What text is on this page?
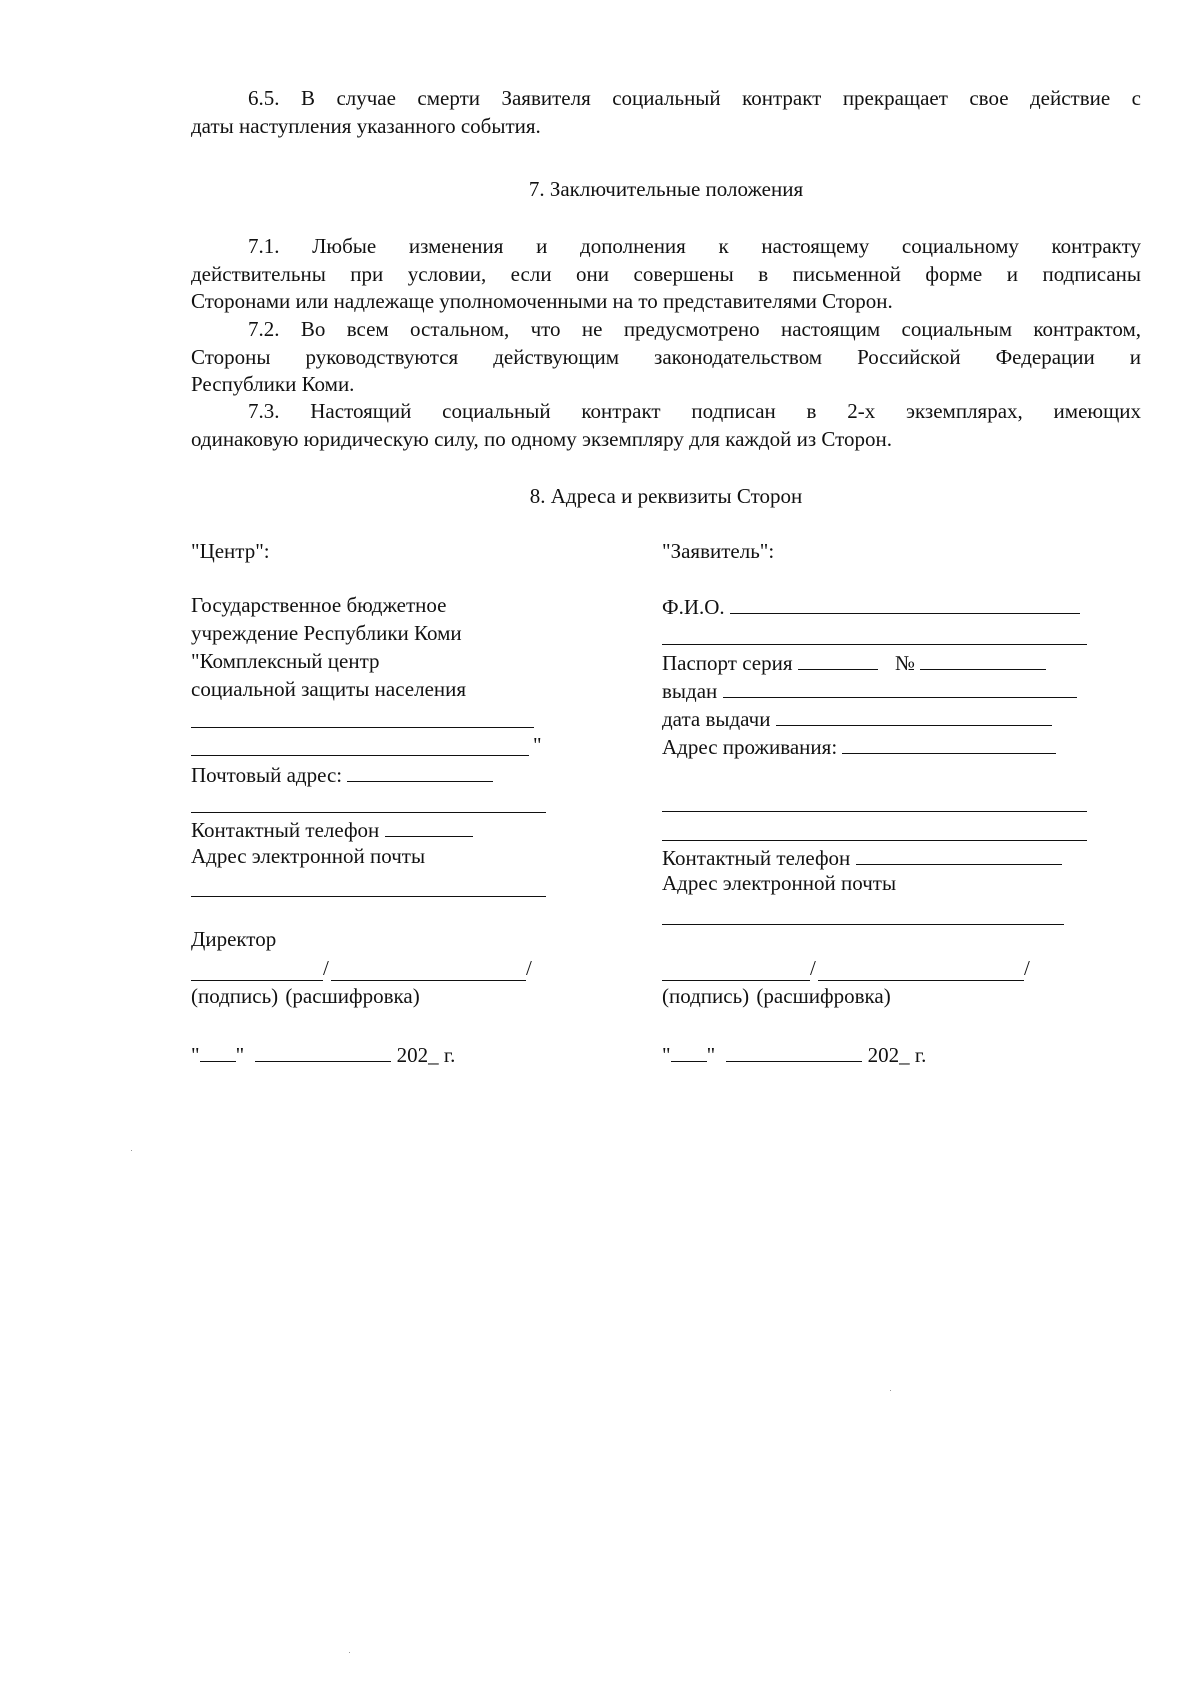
6.5. В случае смерти Заявителя социальный контракт прекращает свое действие с

даты наступления указанного события.

7. Заключительные положения

7.1. Любые изменения и дополнения к настоящему социальному контракту

действительны при условии, если они совершены в письменной форме и подписаны

Сторонами или надлежаще уполномоченными на то представителями Сторон.

7.2. Во всем остальном, что не предусмотрено настоящим социальным контрактом,

Стороны руководствуются действующим законодательством Российской Федерации и

Республики Коми.

7.3. Настоящий социальный контракт подписан в 2-х экземплярах, имеющих

одинаковую юридическую силу, по одному экземпляру для каждой из Сторон.

8. Адреса и реквизиты Сторон
"Центр":
Государственное бюджетное
учреждение Республики Коми
"Комплексный центр
социальной защиты населения
"
Почтовый адрес:
Контактный телефон
Адрес электронной почты
Директор
/	/
(подпись) (расшифровка)
" "	202_ г.
"Заявитель":
Ф.И.О.
Паспорт серия	№
выдан
дата выдачи
Адрес проживания:
Контактный телефон
Адрес электронной почты
/	/
(подпись) (расшифровка)
" "	202_ г.
